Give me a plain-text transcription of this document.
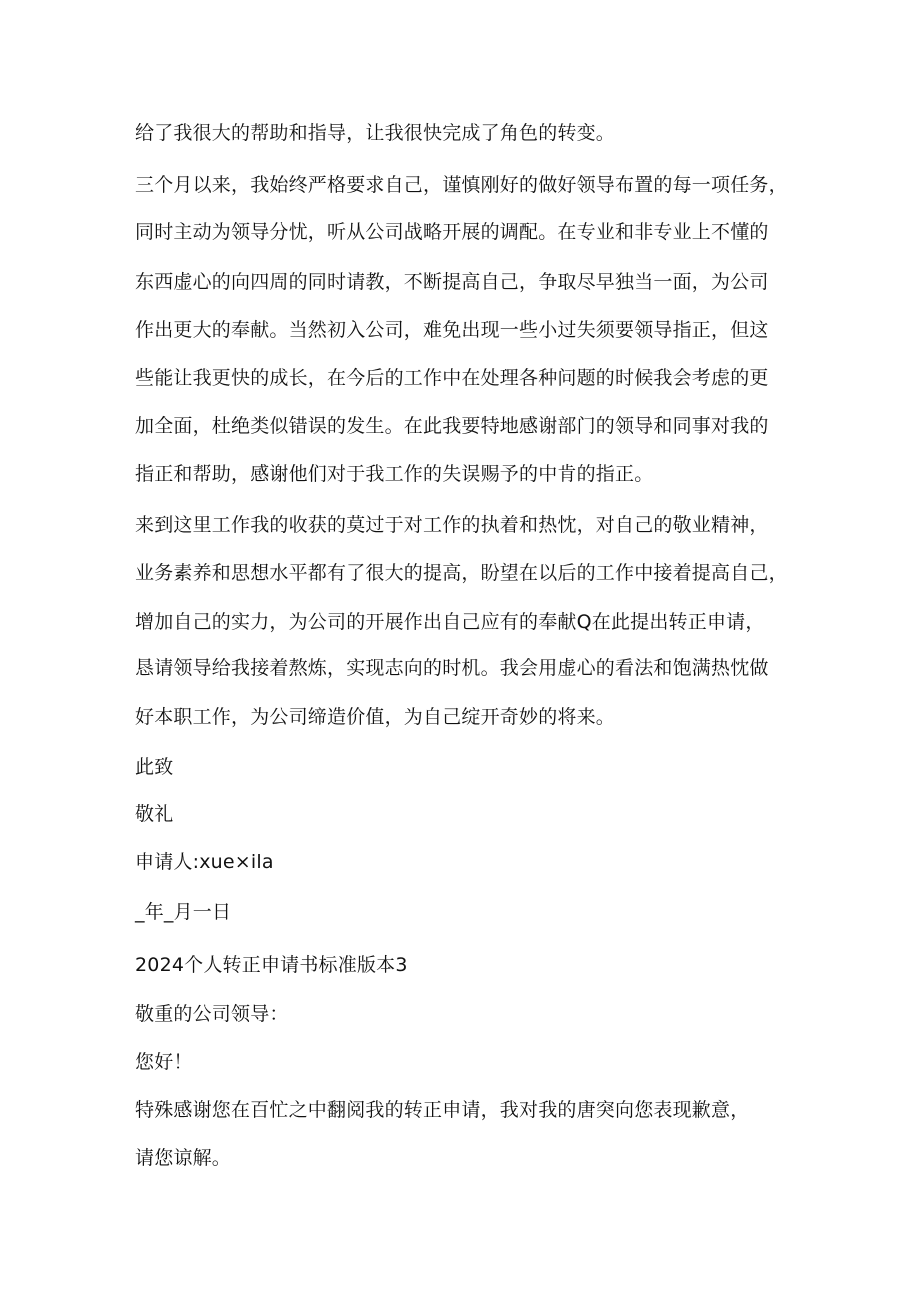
给了我很大的帮助和指导，让我很快完成了角色的转变。
三个月以来，我始终严格要求自己，谨慎刚好的做好领导布置的每一项任务，
同时主动为领导分忧，听从公司战略开展的调配。在专业和非专业上不懂的
东西虚心的向四周的同时请教，不断提高自己，争取尽早独当一面，为公司
作出更大的奉献。当然初入公司，难免出现一些小过失须要领导指正，但这
些能让我更快的成长，在今后的工作中在处理各种问题的时候我会考虑的更
加全面，杜绝类似错误的发生。在此我要特地感谢部门的领导和同事对我的
指正和帮助，感谢他们对于我工作的失误赐予的中肯的指正。
来到这里工作我的收获的莫过于对工作的执着和热忱，对自己的敬业精神，
业务素养和思想水平都有了很大的提高，盼望在以后的工作中接着提高自己，
增加自己的实力，为公司的开展作出自己应有的奉献Q在此提出转正申请，
恳请领导给我接着熬炼，实现志向的时机。我会用虚心的看法和饱满热忱做
好本职工作，为公司缔造价值，为自己绽开奇妙的将来。
此致
敬礼
申请人:xue×ila
_年_月一日
2024个人转正申请书标准版本3
敬重的公司领导：
您好！
特殊感谢您在百忙之中翻阅我的转正申请，我对我的唐突向您表现歉意，
请您谅解。
